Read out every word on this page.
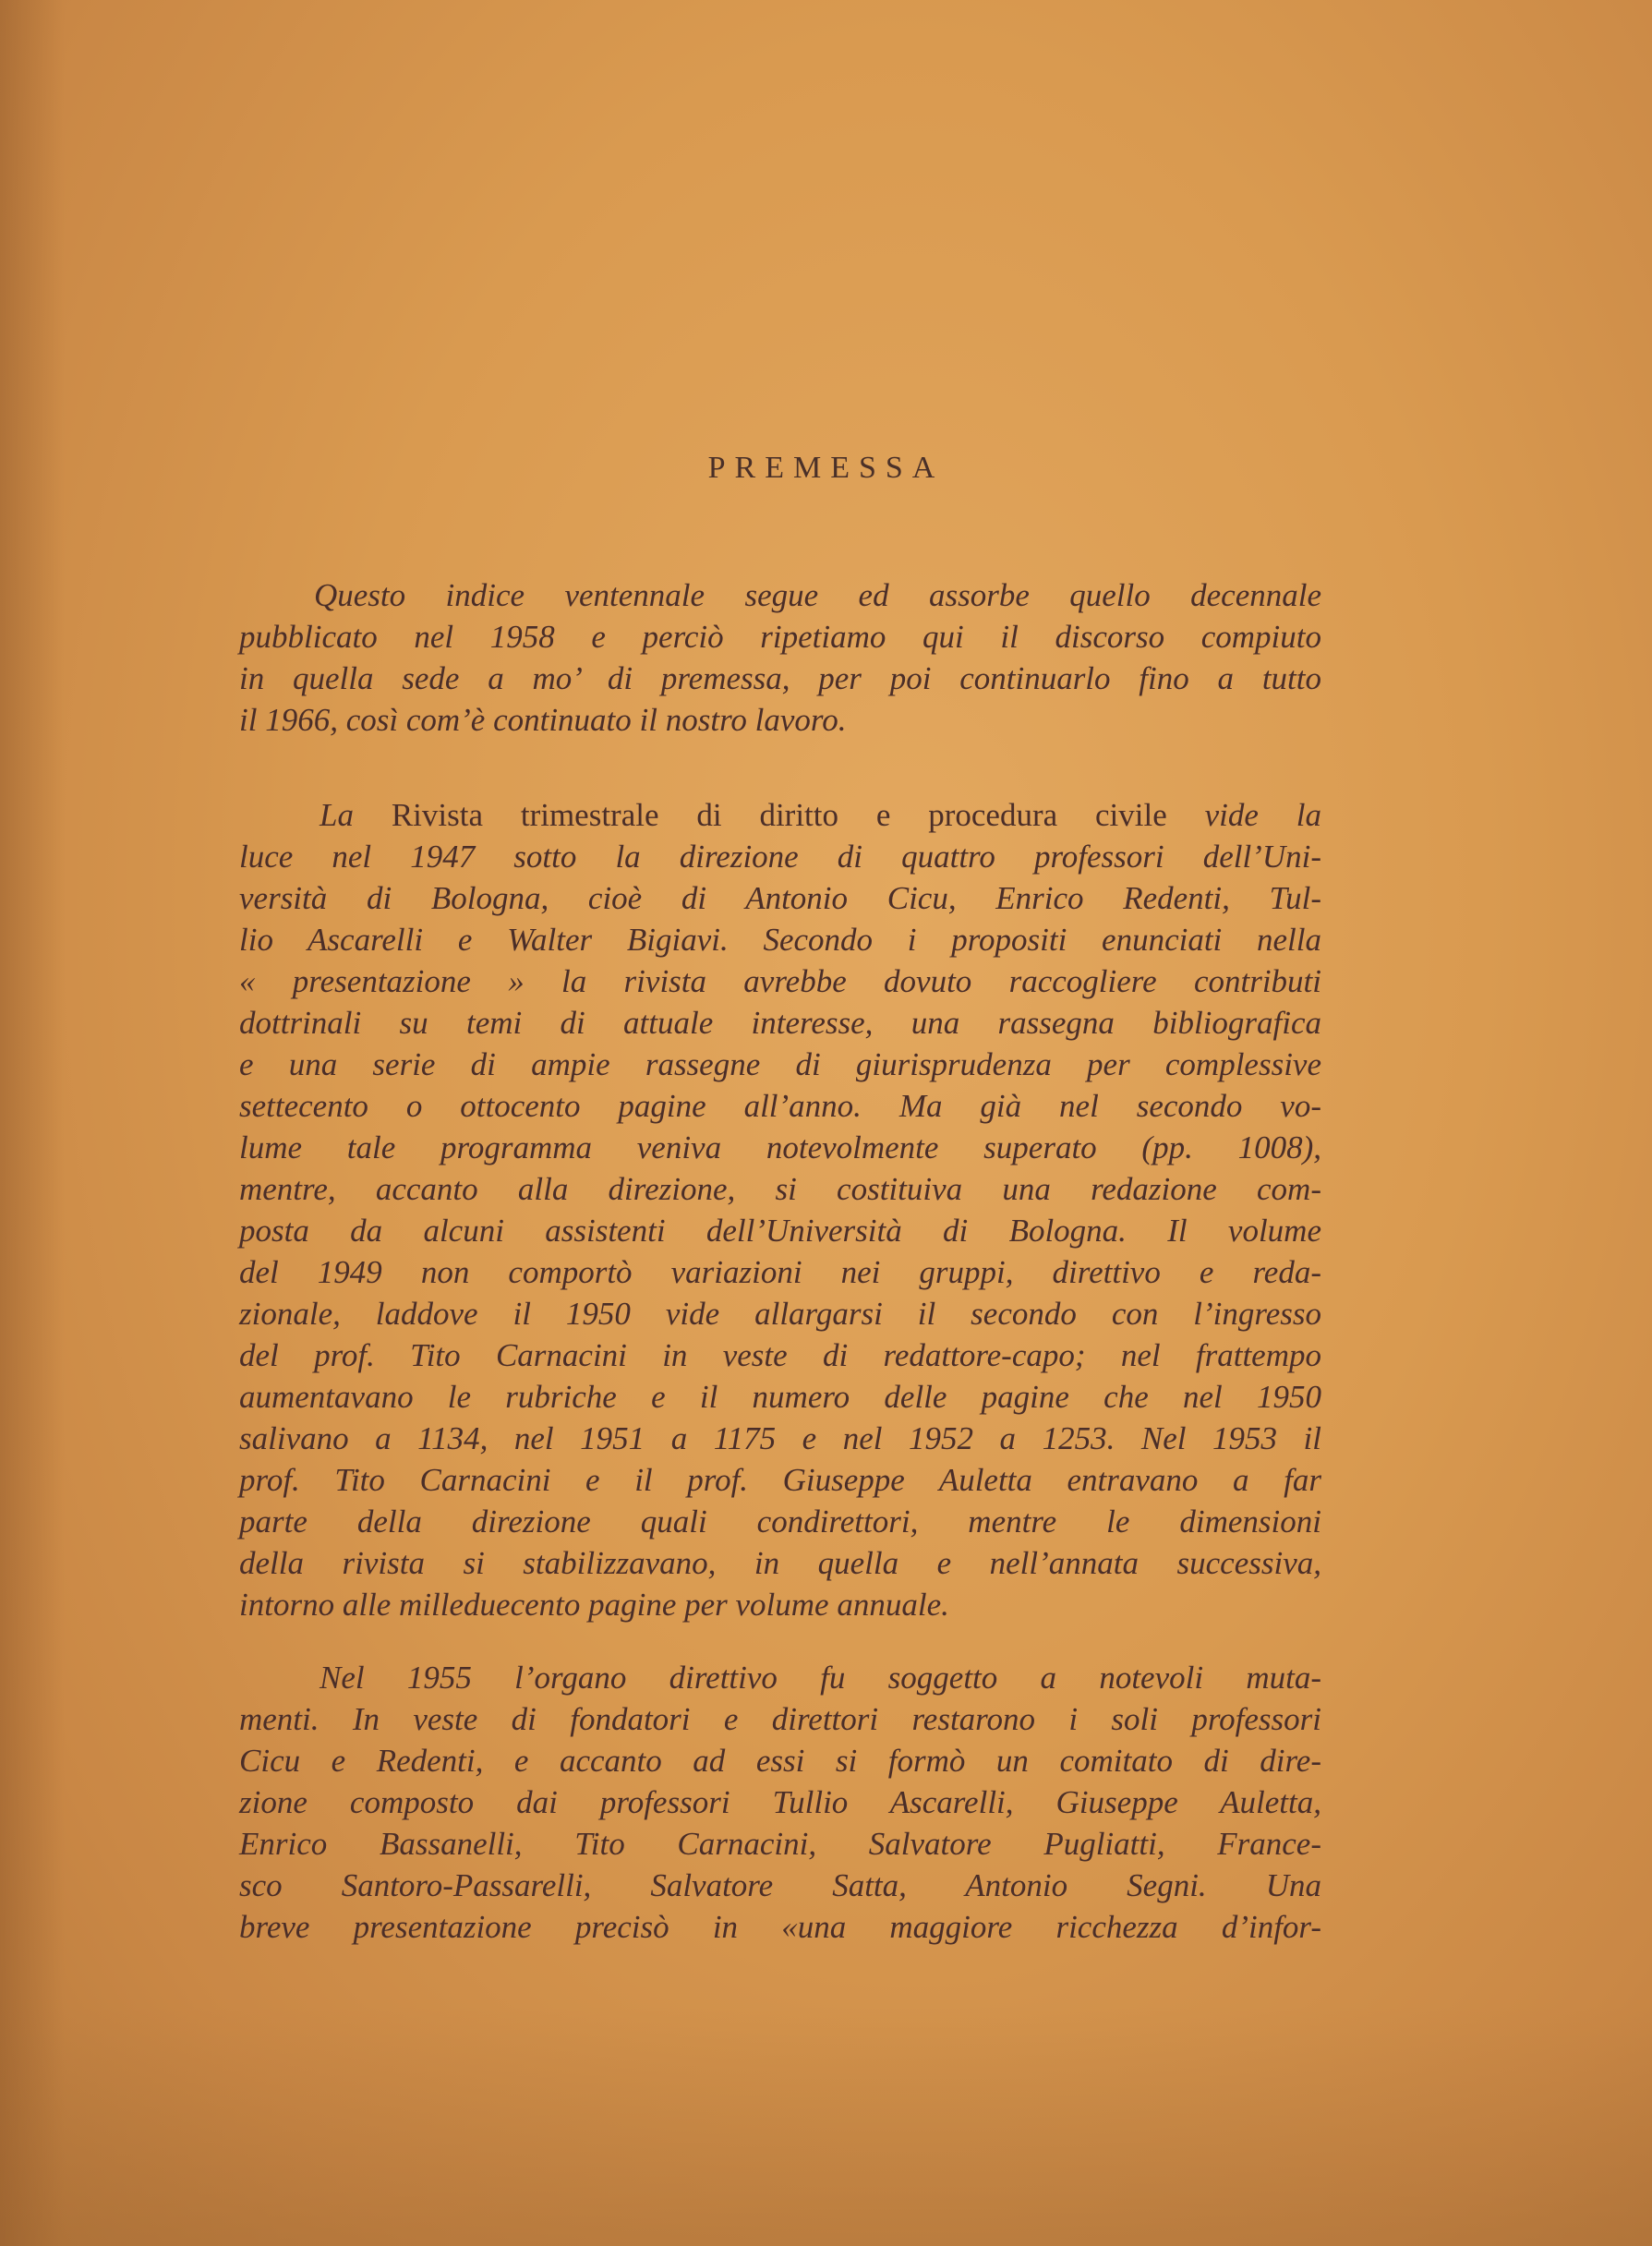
PREMESSA
Questo indice ventennale segue ed assorbe quello decennale
pubblicato nel 1958 e perciò ripetiamo qui il discorso compiuto
in quella sede a mo’ di premessa, per poi continuarlo fino a tutto
il 1966, così com’è continuato il nostro lavoro.
La Rivista trimestrale di diritto e procedura civile vide la
luce nel 1947 sotto la direzione di quattro professori dell’Uni-
versità di Bologna, cioè di Antonio Cicu, Enrico Redenti, Tul-
lio Ascarelli e Walter Bigiavi. Secondo i propositi enunciati nella
« presentazione » la rivista avrebbe dovuto raccogliere contributi
dottrinali su temi di attuale interesse, una rassegna bibliografica
e una serie di ampie rassegne di giurisprudenza per complessive
settecento o ottocento pagine all’anno. Ma già nel secondo vo-
lume tale programma veniva notevolmente superato (pp. 1008),
mentre, accanto alla direzione, si costituiva una redazione com-
posta da alcuni assistenti dell’Università di Bologna. Il volume
del 1949 non comportò variazioni nei gruppi, direttivo e reda-
zionale, laddove il 1950 vide allargarsi il secondo con l’ingresso
del prof. Tito Carnacini in veste di redattore-capo; nel frattempo
aumentavano le rubriche e il numero delle pagine che nel 1950
salivano a 1134, nel 1951 a 1175 e nel 1952 a 1253. Nel 1953 il
prof. Tito Carnacini e il prof. Giuseppe Auletta entravano a far
parte della direzione quali condirettori, mentre le dimensioni
della rivista si stabilizzavano, in quella e nell’annata successiva,
intorno alle milleduecento pagine per volume annuale.
Nel 1955 l’organo direttivo fu soggetto a notevoli muta-
menti. In veste di fondatori e direttori restarono i soli professori
Cicu e Redenti, e accanto ad essi si formò un comitato di dire-
zione composto dai professori Tullio Ascarelli, Giuseppe Auletta,
Enrico Bassanelli, Tito Carnacini, Salvatore Pugliatti, France-
sco Santoro-Passarelli, Salvatore Satta, Antonio Segni. Una
breve presentazione precisò in «una maggiore ricchezza d’infor-
